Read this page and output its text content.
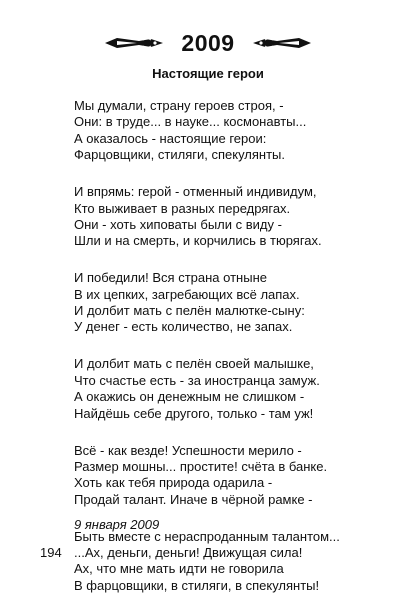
2009
Настоящие герои
Мы думали, страну героев строя, -
Они: в труде... в науке... космонавты...
А оказалось - настоящие герои:
Фарцовщики, стиляги, спекулянты.
И впрямь: герой - отменный индивидум,
Кто выживает в разных передрягах.
Они - хоть хиповаты были с виду -
Шли и на смерть, и корчились в тюрягах.
И победили! Вся страна отныне
В их цепких, загребающих всё лапах.
И долбит мать с пелён малютке-сыну:
У денег - есть количество, не запах.
И долбит мать с пелён своей малышке,
Что счастье есть - за иностранца замуж.
А окажись он денежным не слишком -
Найдёшь себе другого, только - там уж!
Всё - как везде! Успешности мерило -
Размер мошны... простите! счёта в банке.
Хоть как тебя природа одарила -
Продай талант. Иначе в чёрной рамке -
Быть вместе с нераспроданным талантом...
...Ах, деньги, деньги! Движущая сила!
Ах, что мне мать идти не говорила
В фарцовщики, в стиляги, в спекулянты!
9 января 2009
194
